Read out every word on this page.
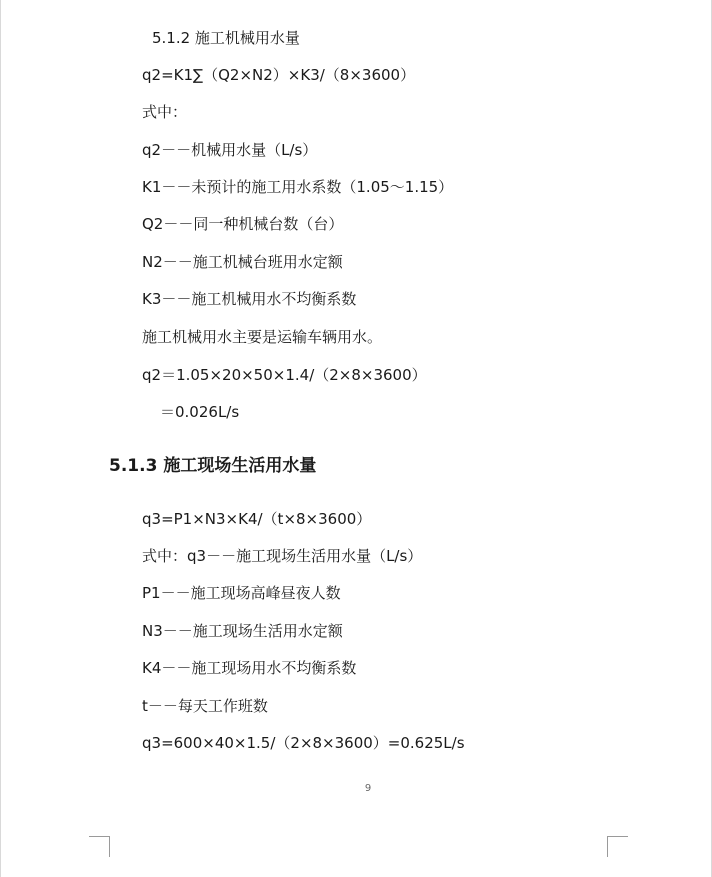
5.1.2 施工机械用水量
q2=K1∑（Q2×N2）×K3/（8×3600）
式中：
q2－－机械用水量（L/s）
K1－－未预计的施工用水系数（1.05～1.15）
Q2－－同一种机械台数（台）
N2－－施工机械台班用水定额
K3－－施工机械用水不均衡系数
施工机械用水主要是运输车辆用水。
q2＝1.05×20×50×1.4/（2×8×3600）
＝0.026L/s
5.1.3 施工现场生活用水量
q3=P1×N3×K4/（t×8×3600）
式中：q3－－施工现场生活用水量（L/s）
P1－－施工现场高峰昼夜人数
N3－－施工现场生活用水定额
K4－－施工现场用水不均衡系数
t－－每天工作班数
q3=600×40×1.5/（2×8×3600）=0.625L/s
9
